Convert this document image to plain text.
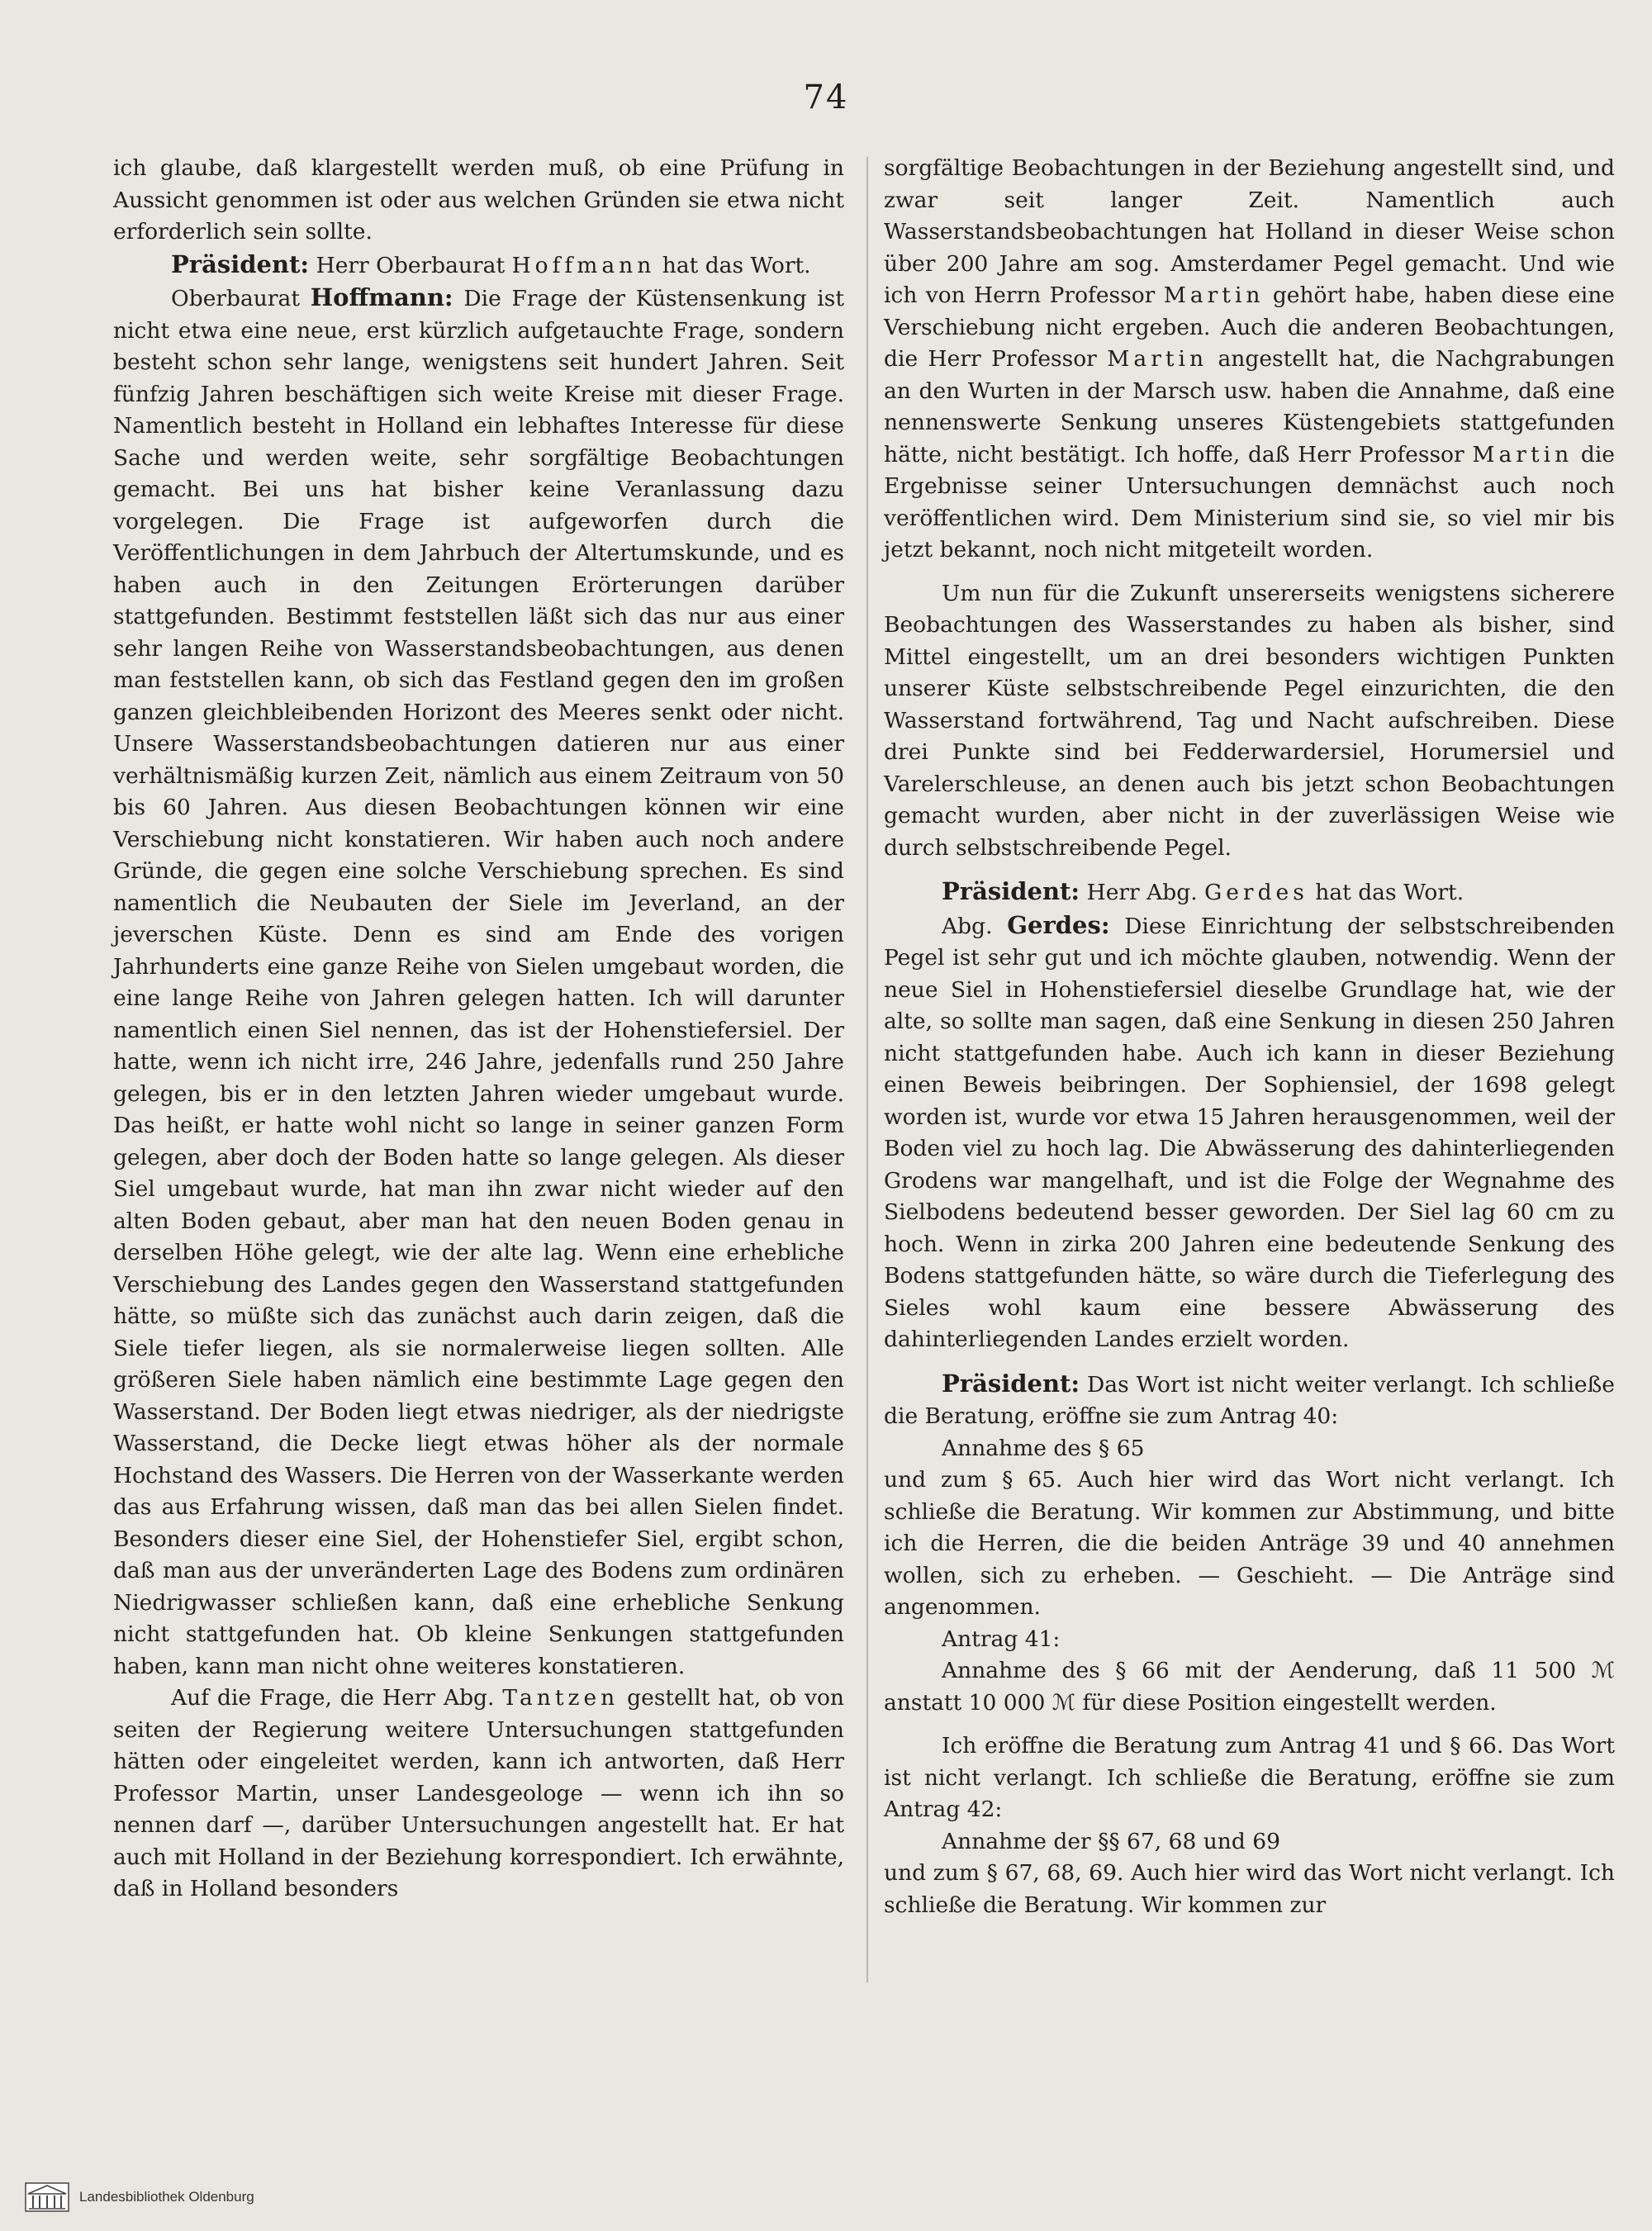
74

ich glaube, daß klargestellt werden muß, ob eine Prüfung in Aussicht genommen ist oder aus welchen Gründen sie etwa nicht erforderlich sein sollte.

Präsident: Herr Oberbaurat Hoffmann hat das Wort.

Oberbaurat Hoffmann: Die Frage der Küstensenkung ist nicht etwa eine neue, erst kürzlich aufgetauchte Frage, sondern besteht schon sehr lange, wenigstens seit hundert Jahren. Seit fünfzig Jahren beschäftigen sich weite Kreise mit dieser Frage. Namentlich besteht in Holland ein lebhaftes Interesse für diese Sache und werden weite, sehr sorgfältige Beobachtungen gemacht. Bei uns hat bisher keine Veranlassung dazu vorgelegen. Die Frage ist aufgeworfen durch die Veröffentlichungen in dem Jahrbuch der Altertumskunde, und es haben auch in den Zeitungen Erörterungen darüber stattgefunden. Bestimmt feststellen läßt sich das nur aus einer sehr langen Reihe von Wasserstandsbeobachtungen, aus denen man feststellen kann, ob sich das Festland gegen den im großen ganzen gleichbleibenden Horizont des Meeres senkt oder nicht. Unsere Wasserstandsbeobachtungen datieren nur aus einer verhältnismäßig kurzen Zeit, nämlich aus einem Zeitraum von 50 bis 60 Jahren. Aus diesen Beobachtungen können wir eine Verschiebung nicht konstatieren. Wir haben auch noch andere Gründe, die gegen eine solche Verschiebung sprechen. Es sind namentlich die Neubauten der Siele im Jeverland, an der jeverschen Küste. Denn es sind am Ende des vorigen Jahrhunderts eine ganze Reihe von Sielen umgebaut worden, die eine lange Reihe von Jahren gelegen hatten. Ich will darunter namentlich einen Siel nennen, das ist der Hohenstiefersiel. Der hatte, wenn ich nicht irre, 246 Jahre, jedenfalls rund 250 Jahre gelegen, bis er in den letzten Jahren wieder umgebaut wurde. Das heißt, er hatte wohl nicht so lange in seiner ganzen Form gelegen, aber doch der Boden hatte so lange gelegen. Als dieser Siel umgebaut wurde, hat man ihn zwar nicht wieder auf den alten Boden gebaut, aber man hat den neuen Boden genau in derselben Höhe gelegt, wie der alte lag. Wenn eine erhebliche Verschiebung des Landes gegen den Wasserstand stattgefunden hätte, so müßte sich das zunächst auch darin zeigen, daß die Siele tiefer liegen, als sie normalerweise liegen sollten. Alle größeren Siele haben nämlich eine bestimmte Lage gegen den Wasserstand. Der Boden liegt etwas niedriger, als der niedrigste Wasserstand, die Decke liegt etwas höher als der normale Hochstand des Wassers. Die Herren von der Wasserkante werden das aus Erfahrung wissen, daß man das bei allen Sielen findet. Besonders dieser eine Siel, der Hohenstiefer Siel, ergibt schon, daß man aus der unveränderten Lage des Bodens zum ordinären Niedrigwasser schließen kann, daß eine erhebliche Senkung nicht stattgefunden hat. Ob kleine Senkungen stattgefunden haben, kann man nicht ohne weiteres konstatieren.

Auf die Frage, die Herr Abg. Tantzen gestellt hat, ob von seiten der Regierung weitere Untersuchungen stattgefunden hätten oder eingeleitet werden, kann ich antworten, daß Herr Professor Martin, unser Landesgeologe — wenn ich ihn so nennen darf —, darüber Untersuchungen angestellt hat. Er hat auch mit Holland in der Beziehung korrespondiert. Ich erwähnte, daß in Holland besonders

sorgfältige Beobachtungen in der Beziehung angestellt sind, und zwar seit langer Zeit. Namentlich auch Wasserstandsbeobachtungen hat Holland in dieser Weise schon über 200 Jahre am sog. Amsterdamer Pegel gemacht. Und wie ich von Herrn Professor Martin gehört habe, haben diese eine Verschiebung nicht ergeben. Auch die anderen Beobachtungen, die Herr Professor Martin angestellt hat, die Nachgrabungen an den Wurten in der Marsch usw. haben die Annahme, daß eine nennenswerte Senkung unseres Küstengebiets stattgefunden hätte, nicht bestätigt. Ich hoffe, daß Herr Professor Martin die Ergebnisse seiner Untersuchungen demnächst auch noch veröffentlichen wird. Dem Ministerium sind sie, so viel mir bis jetzt bekannt, noch nicht mitgeteilt worden.

Um nun für die Zukunft unsererseits wenigstens sicherere Beobachtungen des Wasserstandes zu haben als bisher, sind Mittel eingestellt, um an drei besonders wichtigen Punkten unserer Küste selbstschreibende Pegel einzurichten, die den Wasserstand fortwährend, Tag und Nacht aufschreiben. Diese drei Punkte sind bei Fedderwardersiel, Horumersiel und Varelerschleuse, an denen auch bis jetzt schon Beobachtungen gemacht wurden, aber nicht in der zuverlässigen Weise wie durch selbstschreibende Pegel.

Präsident: Herr Abg. Gerdes hat das Wort.

Abg. Gerdes: Diese Einrichtung der selbstschreibenden Pegel ist sehr gut und ich möchte glauben, notwendig. Wenn der neue Siel in Hohenstiefersiel dieselbe Grundlage hat, wie der alte, so sollte man sagen, daß eine Senkung in diesen 250 Jahren nicht stattgefunden habe. Auch ich kann in dieser Beziehung einen Beweis beibringen. Der Sophiensiel, der 1698 gelegt worden ist, wurde vor etwa 15 Jahren herausgenommen, weil der Boden viel zu hoch lag. Die Abwässerung des dahinterliegenden Grodens war mangelhaft, und ist die Folge der Wegnahme des Sielbodens bedeutend besser geworden. Der Siel lag 60 cm zu hoch. Wenn in zirka 200 Jahren eine bedeutende Senkung des Bodens stattgefunden hätte, so wäre durch die Tieferlegung des Sieles wohl kaum eine bessere Abwässerung des dahinterliegenden Landes erzielt worden.

Präsident: Das Wort ist nicht weiter verlangt. Ich schließe die Beratung, eröffne sie zum Antrag 40:

Annahme des § 65

und zum § 65. Auch hier wird das Wort nicht verlangt. Ich schließe die Beratung. Wir kommen zur Abstimmung, und bitte ich die Herren, die die beiden Anträge 39 und 40 annehmen wollen, sich zu erheben. — Geschieht. — Die Anträge sind angenommen.

Antrag 41:

Annahme des § 66 mit der Aenderung, daß 11 500 ℳ anstatt 10 000 ℳ für diese Position eingestellt werden.

Ich eröffne die Beratung zum Antrag 41 und § 66. Das Wort ist nicht verlangt. Ich schließe die Beratung, eröffne sie zum Antrag 42:

Annahme der §§ 67, 68 und 69

und zum § 67, 68, 69. Auch hier wird das Wort nicht verlangt. Ich schließe die Beratung. Wir kommen zur

Landesbibliothek Oldenburg
